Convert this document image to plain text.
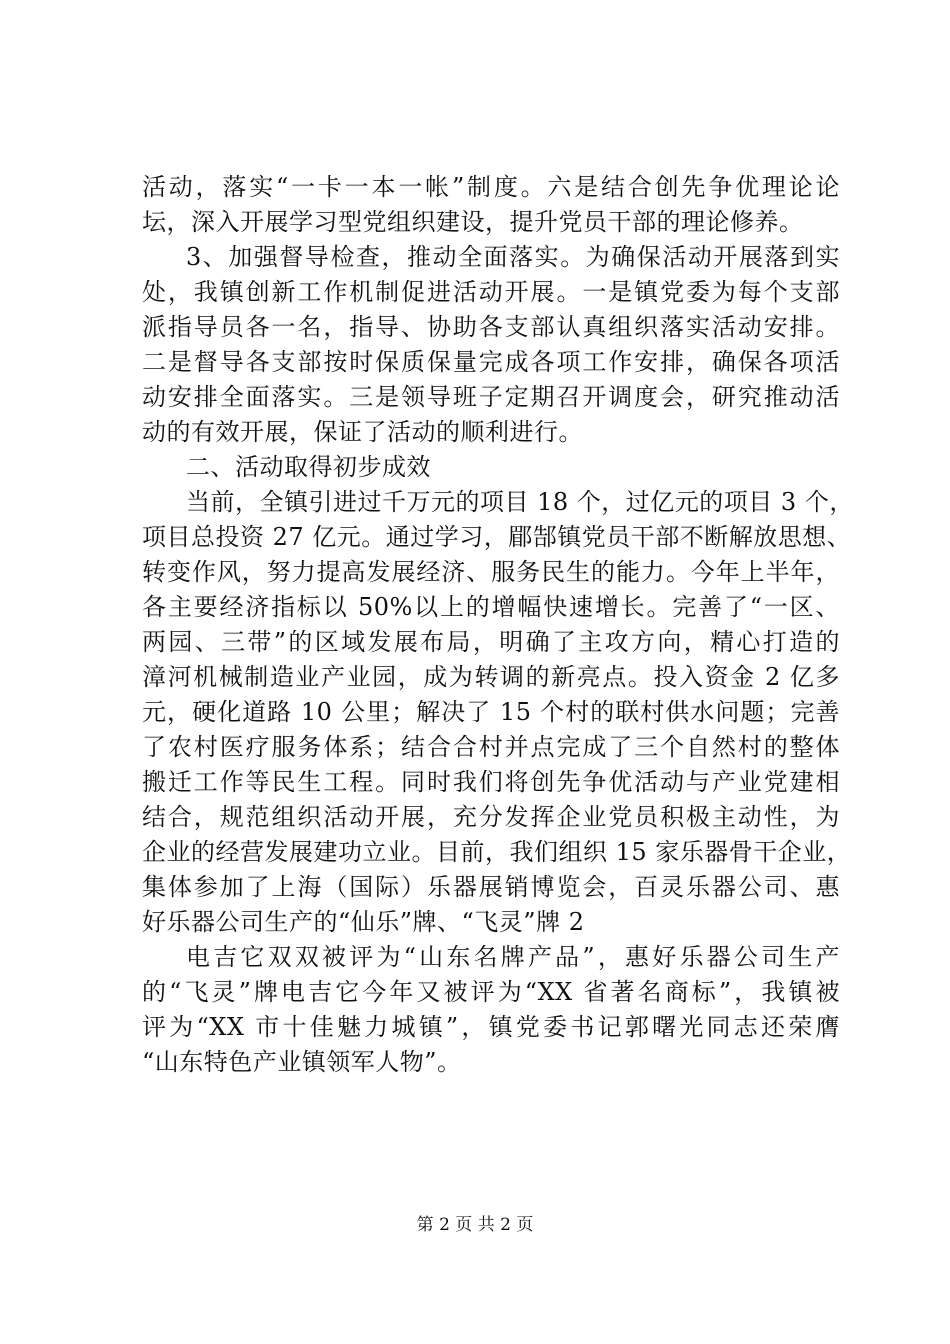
活动，落实“一卡一本一帐”制度。六是结合创先争优理论论
坛，深入开展学习型党组织建设，提升党员干部的理论修养。
3、加强督导检查，推动全面落实。为确保活动开展落到实
处，我镇创新工作机制促进活动开展。一是镇党委为每个支部
派指导员各一名，指导、协助各支部认真组织落实活动安排。
二是督导各支部按时保质保量完成各项工作安排，确保各项活
动安排全面落实。三是领导班子定期召开调度会，研究推动活
动的有效开展，保证了活动的顺利进行。
二、活动取得初步成效
当前，全镇引进过千万元的项目 18 个，过亿元的项目 3 个，
项目总投资 27 亿元。通过学习，郿郜镇党员干部不断解放思想、
转变作风，努力提高发展经济、服务民生的能力。今年上半年，
各主要经济指标以 50%以上的增幅快速增长。完善了“一区、
两园、三带”的区域发展布局，明确了主攻方向，精心打造的
漳河机械制造业产业园，成为转调的新亮点。投入资金 2 亿多
元，硬化道路 10 公里；解决了 15 个村的联村供水问题；完善
了农村医疗服务体系；结合合村并点完成了三个自然村的整体
搬迁工作等民生工程。同时我们将创先争优活动与产业党建相
结合，规范组织活动开展，充分发挥企业党员积极主动性，为
企业的经营发展建功立业。目前，我们组织 15 家乐器骨干企业，
集体参加了上海（国际）乐器展销博览会，百灵乐器公司、惠
好乐器公司生产的“仙乐”牌、“飞灵”牌 2
电吉它双双被评为“山东名牌产品”，惠好乐器公司生产
的“飞灵”牌电吉它今年又被评为“XX 省著名商标”，我镇被
评为“XX 市十佳魅力城镇”，镇党委书记郭曙光同志还荣膺
“山东特色产业镇领军人物”。
第 2 页 共 2 页
